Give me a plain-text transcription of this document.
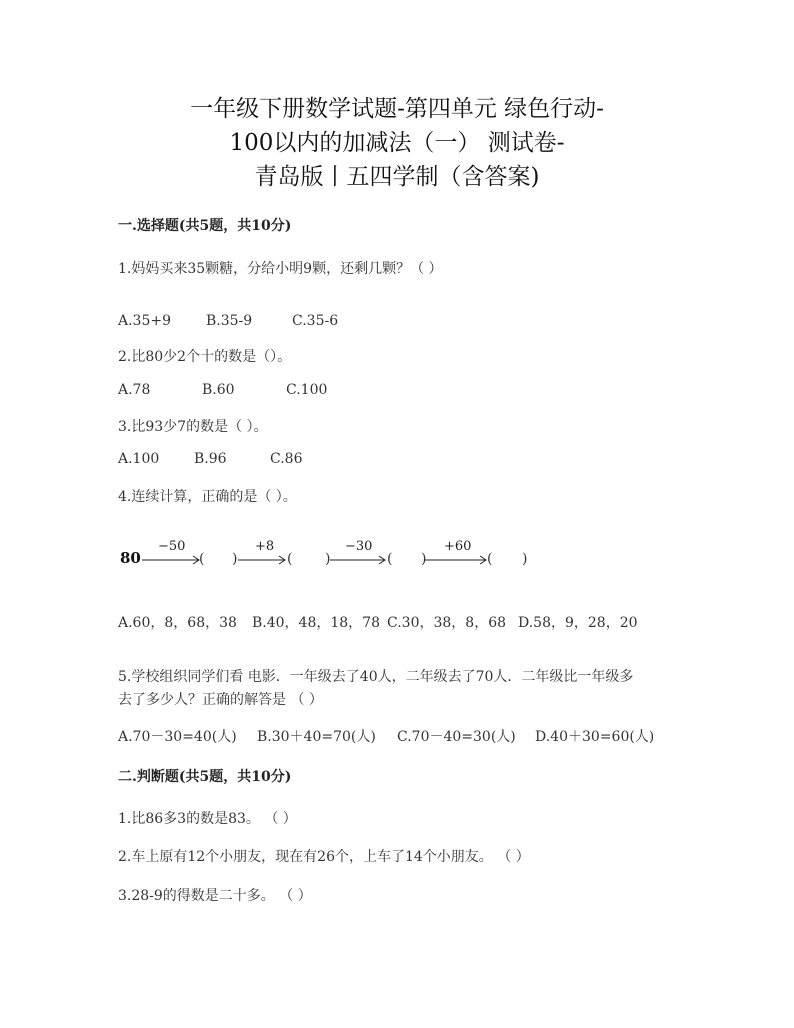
一年级下册数学试题-第四单元 绿色行动-
100以内的加减法（一） 测试卷-
青岛版丨五四学制（含答案)
一.选择题(共5题，共10分)
1.妈妈买来35颗糖，分给小明9颗，还剩几颗？（ ）
A.35+9 B.35-9	C.35-6
2.比80少2个十的数是（）。
A.78	B.60	C.100
3.比93少7的数是（ ）。
A.100 B.96	C.86
4.连续计算，正确的是（ ）。
80
−50	+8	−30	+60
( )	( )	( )	( )
A.60，8，68，38 B.40，48，18，78 C.30，38，8，68 D.58，9，28，20
5.学校组织同学们看 电影．一年级去了40人，二年级去了70人．二年级比一年级多
去了多少人？正确的解答是 （ ）
A.70－30=40(人) B.30＋40=70(人) C.70－40=30(人) D.40＋30=60(人)
二.判断题(共5题，共10分)
1.比86多3的数是83。 （ ）
2.车上原有12个小朋友，现在有26个，上车了14个小朋友。 （ ）
3.28-9的得数是二十多。 （ ）
